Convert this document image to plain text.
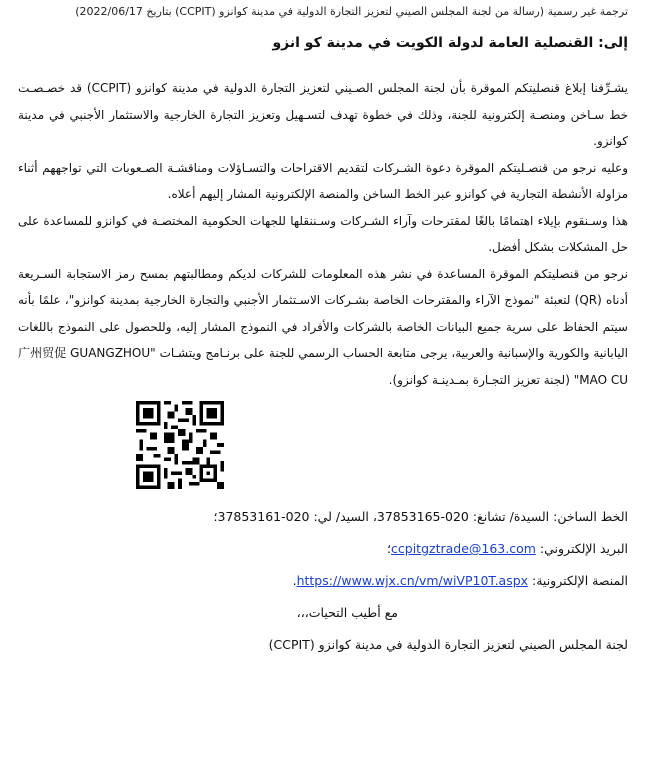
ترجمة غير رسمية (رسالة من لجنة المجلس الصيني لتعزيز التجارة الدولية في مدينة كوانزو (CCPIT) بتاريخ 2022/06/17)
إلى: القنصلية العامة لدولة الكويت في مدينة كو انزو

يشـرِّفنا إبلاغ قنصليتكم الموقرة بأن لجنة المجلس الصـيني لتعزيز التجارة الدولية في مدينة كوانزو (CCPIT) قد خصـصـت خط سـاخن ومنصـة إلكترونية للجنة، وذلك في خطوة تهدف لتسـهيل وتعزيز التجارة الخارجية والاستثمار الأجنبي في مدينة كوانزو.

وعليه نرجو من قنصـليتكم الموقرة دعوة الشـركات لتقديم الاقتراحات والتسـاؤلات ومناقشـة الصـعوبات التي تواجههم أثناء مزاولة الأنشطة التجارية في كوانزو عبر الخط الساخن والمنصة الإلكترونية المشار إليهم أعلاه.

هذا وسـنقوم بإيلاء اهتمامًا بالغًا لمقترحات وآراء الشـركات وسـننقلها للجهات الحكومية المختصـة في كوانزو للمساعدة على حل المشكلات بشكل أفضل.

نرجو من قنصليتكم الموقرة المساعدة في نشر هذه المعلومات للشركات لديكم ومطالبتهم بمسح رمز الاستجابة السـريعة أدناه (QR) لتعبئة "نموذج الآراء والمقترحات الخاصة بشـركات الاسـتثمار الأجنبي والتجارة الخارجية بمدينة كوانزو"، علمًا بأنه سيتم الحفاظ على سرية جميع البيانات الخاصة بالشركات والأفراد في النموذج المشار إليه، وللحصول على النموذج باللغات اليابانية والكورية والإسبانية والعربية، يرجى متابعة الحساب الرسمي للجنة على برنـامج ويتشـات "广州贸促 GUANGZHOU MAO CU" (لجنة تعزيز التجـارة بمـدينـة كوانزو).

الخط الساخن: السيدة/ تشانغ: 020-37853165، السيد/ لي: 020-37853161؛
البريد الإلكتروني: ccpitgztrade@163.com؛
المنصة الإلكترونية: https://www.wjx.cn/vm/wiVP10T.aspx.
مع أطيب التحيات،،،
لجنة المجلس الصيني لتعزيز التجارة الدولية في مدينة كوانزو (CCPIT)
